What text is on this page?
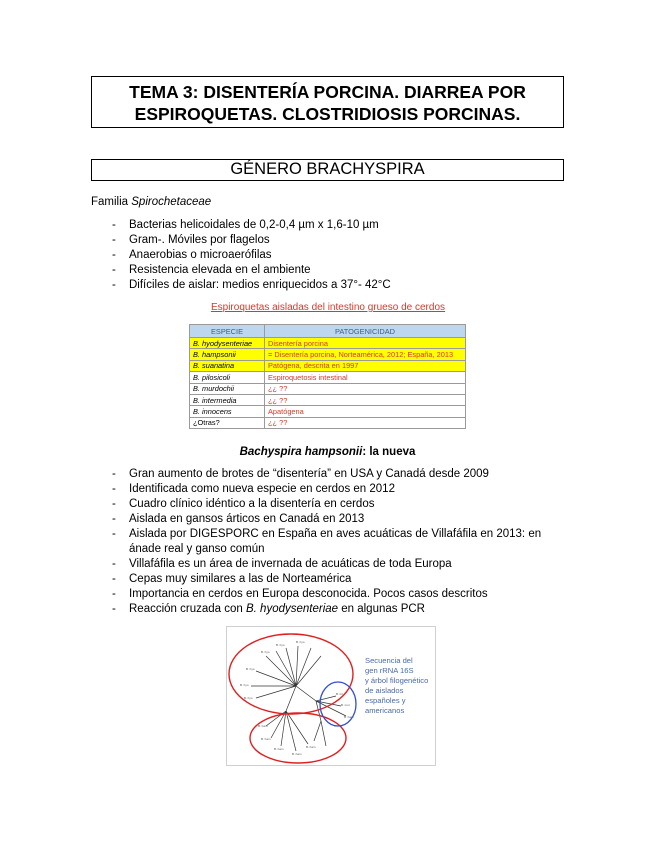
TEMA 3: DISENTERÍA PORCINA. DIARREA POR
ESPIROQUETAS. CLOSTRIDIOSIS PORCINAS.
GÉNERO BRACHYSPIRA
Familia Spirochetaceae
- Bacterias helicoidales de 0,2-0,4 µm x 1,6-10 µm
- Gram-. Móviles por flagelos
- Anaerobias o microaerófilas
- Resistencia elevada en el ambiente
- Difíciles de aislar: medios enriquecidos a 37°- 42°C
Espiroquetas aisladas del intestino grueso de cerdos
ESPECIE	PATOGENICIDAD
B. hyodysenteriae	Disentería porcina
B. hampsonii	= Disentería porcina, Norteamérica, 2012; España, 2013
B. suanatina	Patógena, descrita en 1997
B. pilosicoli	Espiroquetosis intestinal
B. murdochii	¿¿ ??
B. intermedia	¿¿ ??
B. innocens	Apatógena
¿Otras?	¿¿ ??
Bachyspira hampsonii: la nueva
- Gran aumento de brotes de “disentería” en USA y Canadá desde 2009
- Identificada como nueva especie en cerdos en 2012
- Cuadro clínico idéntico a la disentería en cerdos
- Aislada en gansos árticos en Canadá en 2013
- Aislada por DIGESPORC en España en aves acuáticas de Villafáfila en 2013: en ánade real y ganso común
- Villafáfila es un área de invernada de acuáticas de toda Europa
- Cepas muy similares a las de Norteamérica
- Importancia en cerdos en Europa desconocida. Pocos casos descritos
- Reacción cruzada con B. hyodysenteriae en algunas PCR
B. hyo
B. hyo
B. hyo
B. hyo
B. hyo
B. hyo
B. ham
B. ham
B. ham
B. ham
B. ham
B. int
B. mur
B. ham
Secuencia del
gen rRNA 16S
y árbol filogenético
de aislados
españoles y
americanos
